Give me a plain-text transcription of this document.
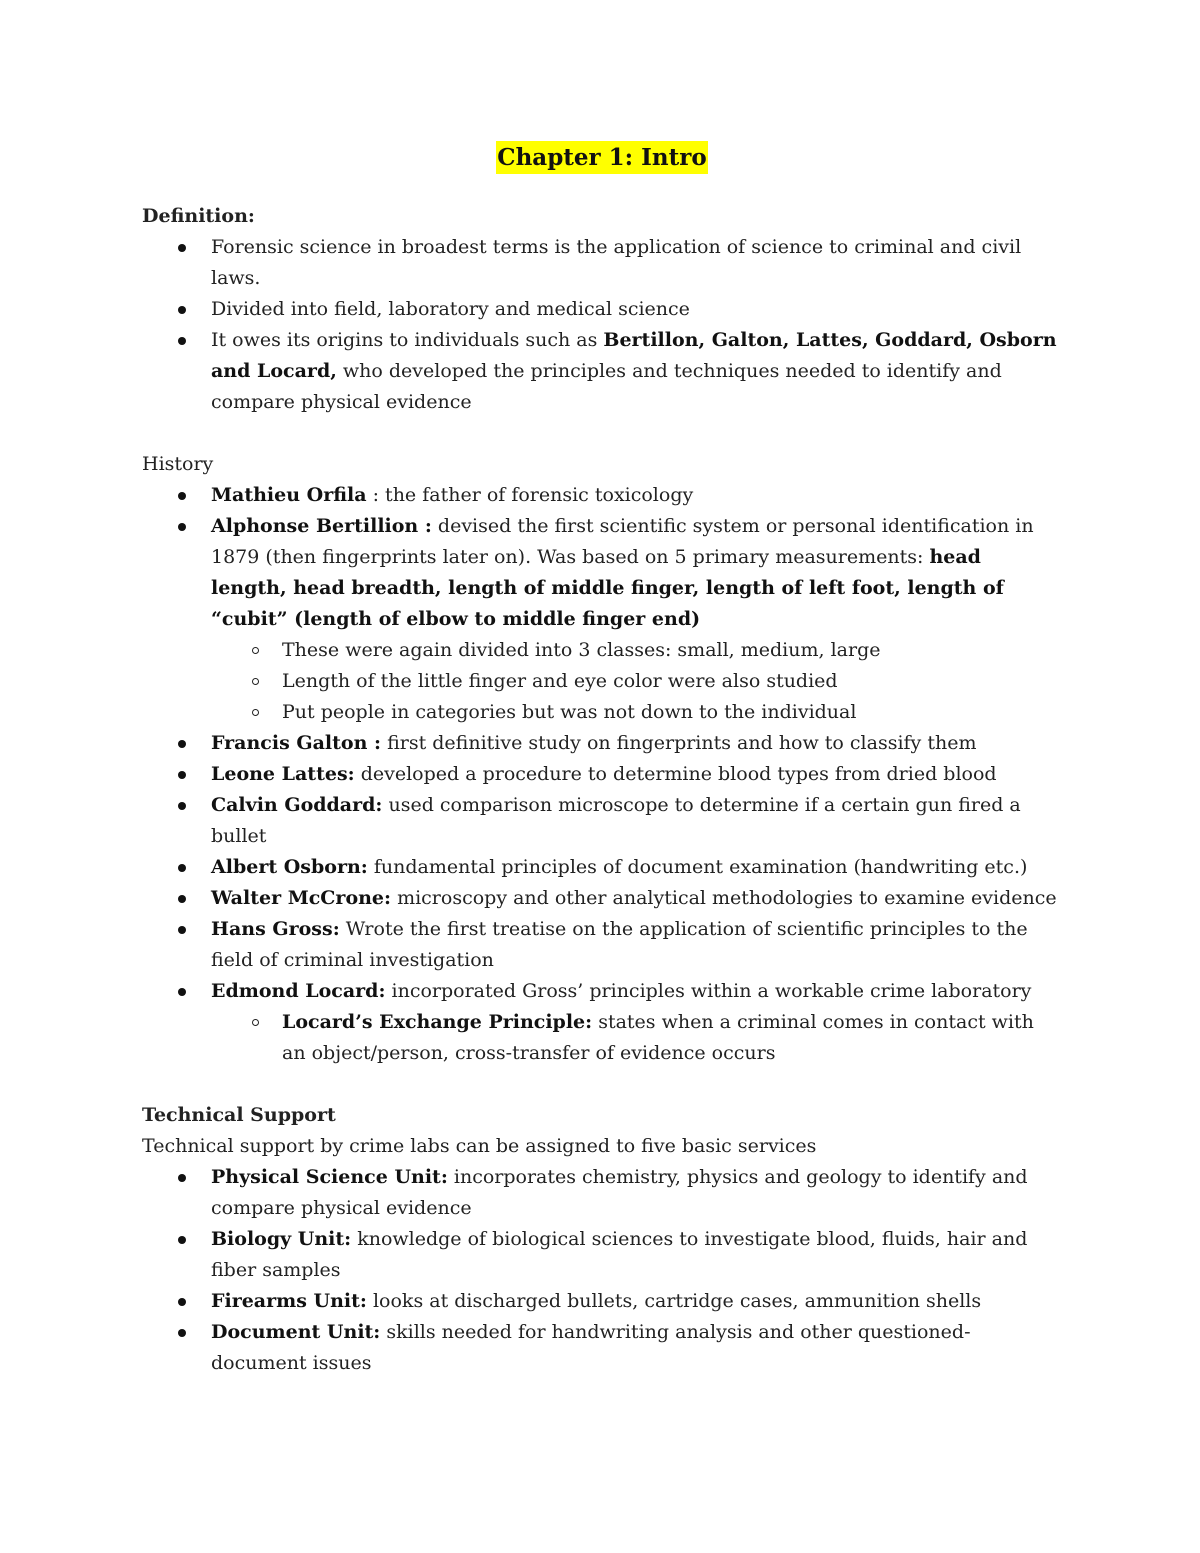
Chapter 1: Intro
Definition:
Forensic science in broadest terms is the application of science to criminal and civil laws.
Divided into field, laboratory and medical science
It owes its origins to individuals such as Bertillon, Galton, Lattes, Goddard, Osborn and Locard, who developed the principles and techniques needed to identify and compare physical evidence
History
Mathieu Orfila : the father of forensic toxicology
Alphonse Bertillion : devised the first scientific system or personal identification in 1879 (then fingerprints later on). Was based on 5 primary measurements: head length, head breadth, length of middle finger, length of left foot, length of “cubit” (length of elbow to middle finger end)
These were again divided into 3 classes: small, medium, large
Length of the little finger and eye color were also studied
Put people in categories but was not down to the individual
Francis Galton : first definitive study on fingerprints and how to classify them
Leone Lattes: developed a procedure to determine blood types from dried blood
Calvin Goddard: used comparison microscope to determine if a certain gun fired a bullet
Albert Osborn: fundamental principles of document examination (handwriting etc.)
Walter McCrone: microscopy and other analytical methodologies to examine evidence
Hans Gross: Wrote the first treatise on the application of scientific principles to the field of criminal investigation
Edmond Locard: incorporated Gross’ principles within a workable crime laboratory
Locard’s Exchange Principle: states when a criminal comes in contact with an object/person, cross-transfer of evidence occurs
Technical Support
Technical support by crime labs can be assigned to five basic services
Physical Science Unit: incorporates chemistry, physics and geology to identify and compare physical evidence
Biology Unit: knowledge of biological sciences to investigate blood, fluids, hair and fiber samples
Firearms Unit: looks at discharged bullets, cartridge cases, ammunition shells
Document Unit: skills needed for handwriting analysis and other questioned-document issues
